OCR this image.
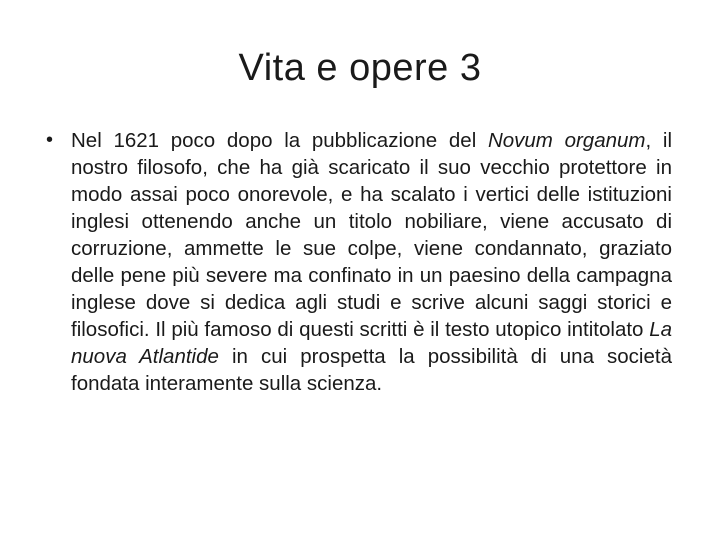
Vita e opere 3
• Nel 1621 poco dopo la pubblicazione del Novum organum, il nostro filosofo, che ha già scaricato il suo vecchio protettore in modo assai poco onorevole, e ha scalato i vertici delle istituzioni inglesi ottenendo anche un titolo nobiliare, viene accusato di corruzione, ammette le sue colpe, viene condannato, graziato delle pene più severe ma confinato in un paesino della campagna inglese dove si dedica agli studi e scrive alcuni saggi storici e filosofici. Il più famoso di questi scritti è il testo utopico intitolato La nuova Atlantide in cui prospetta la possibilità di una società fondata interamente sulla scienza.
